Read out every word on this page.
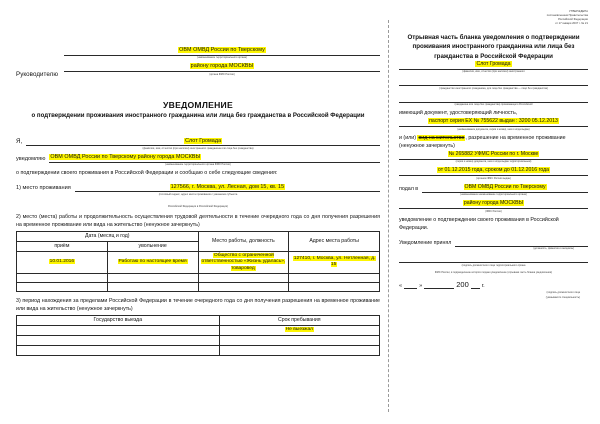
Руководителю
ОВМ ОМВД России по Тверскому
(наименование территориального органа)
району города МОСКВЫ
(органа ФМС России)
УВЕДОМЛЕНИЕ
о подтверждении проживания иностранного гражданина или лица без гражданства в Российской Федерации
Я,	Слот Громада
(фамилия, имя, отчество (при наличии) иностранного гражданина или лица без гражданства)
уведомляю ОВМ ОМВД России по Тверскому району города МОСКВЫ
(наименование территориального органа ФМС России)
о подтверждении своего проживания в Российской Федерации и сообщаю о себе следующие сведения:
1) место проживания	127566, г. Москва, ул. Лесная, дом 15, кв. 15
(почтовый индекс, адрес места проживания с указанием субъекта
Российской Федерации в Российской Федерации)
2) место (места) работы и продолжительность осуществления трудовой деятельности в течение очередного года со дня получения разрешения на временное проживание или вида на жительство (ненужное зачеркнуть)
Дата (месяц и год)		Место работы, должность	Адрес места работы
приём	увольнение		
10.01.2016	Работаю по настоящее время	Общество с ограниченной ответственностью «Жизнь удалась», товаровед	127410, г. Москва, ул. Нетленная, д. 15

3) период нахождения за пределами Российской Федерации в течение очередного года со дня получения разрешения на временное проживание или вида на жительство (ненужное зачеркнуть)
Государство выезда	Срок пребывания
	Не выезжал

УТВЕРЖДЕНА
постановлением Правительства
Российской Федерации
от 17 января 2007 г. № 21
Отрывная часть бланка уведомления о подтверждении проживания иностранного гражданина или лица без гражданства в Российской Федерации
Слот Громада
(фамилия, имя, отчество (при наличии) иностранного

(гражданство иностранного гражданина, для лица без гражданства — лицо без гражданства)

гражданина или лица без гражданства) проживающего Российской
имеющий документ, удостоверяющий личность,
паспорт серия ЕХ № 755622 выдан : 3200 05.12.2013
(наименование документа, серия и номер, кем и когда выдан)
и (или) вид на жительство, разрешение на временное проживание (ненужное зачеркнуть)
№ 265882 УФМС России по г. Москве
(серия и номер документа, кем и когда выдан территориальным)
от 01.12.2015 года, сроком до 01.12.2016 года
(органом ФМС России выдан)
подал в	ОВМ ОМВД России по Тверскому
(наименование наименование территориального органа)
району города МОСКВЫ
(ФМС России)
уведомление о подтверждении своего проживания в Российской Федерации.
Уведомление принял

(должность, фамилия и инициалы)

(подпись должностного лица территориального органа
ФМС России, в подразделение которого подано уведомление (отрывная часть бланка уведомления)
«	»	200 г.
(подпись должностного лица
(указывается специальность)
